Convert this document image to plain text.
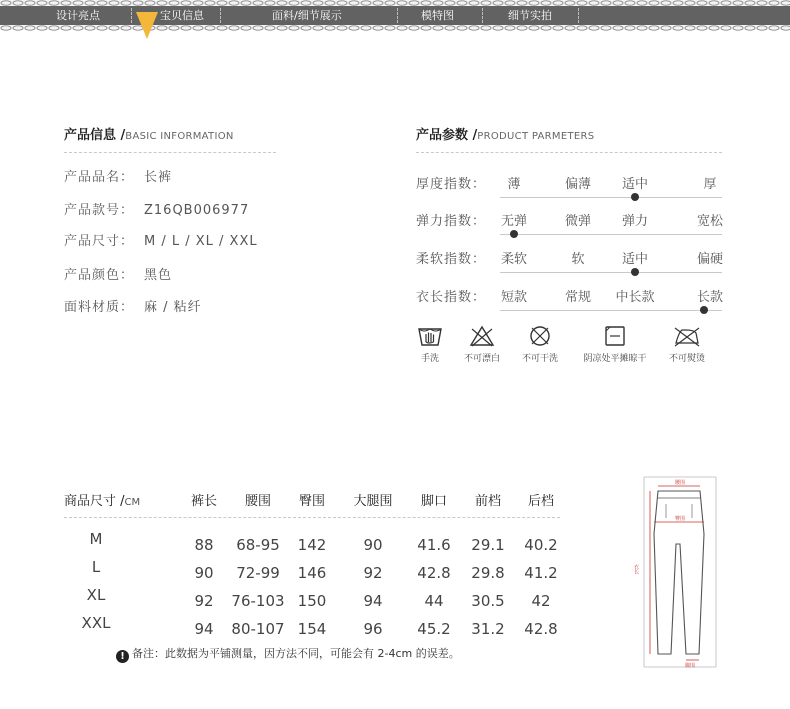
设计亮点	宝贝信息	面料/细节展示	模特图	细节实拍
产品信息 /BASIC INFORMATION
产品品名： 长裤
产品款号： Z16QB006977
产品尺寸： M / L / XL / XXL
产品颜色： 黑色
面料材质： 麻 / 粘纤
产品参数 /PRODUCT PARMETERS
厚度指数： 薄	偏薄 适中	厚
弹力指数： 无弹	微弹 弹力	宽松
柔软指数： 柔软	软	适中	偏硬
衣长指数： 短款	常规 中长款	长款
手洗	不可漂白	不可干洗	阴凉处平摊晾干	不可熨烫
商品尺寸 /CM	裤长 腰围 臀围 大腿围 脚口 前档 后档
M	88 68-95 142 90 41.6 29.1 40.2
L	90 72-99 146 92 42.8 29.8 41.2
XL	92 76-103 150 94	44 30.5 42
XXL	94 80-107 154 96 45.2 31.2 42.8
! 备注：此数据为平铺测量，因方法不同，可能会有 2-4cm 的误差。
腰围
臀围
衣长
脚围
